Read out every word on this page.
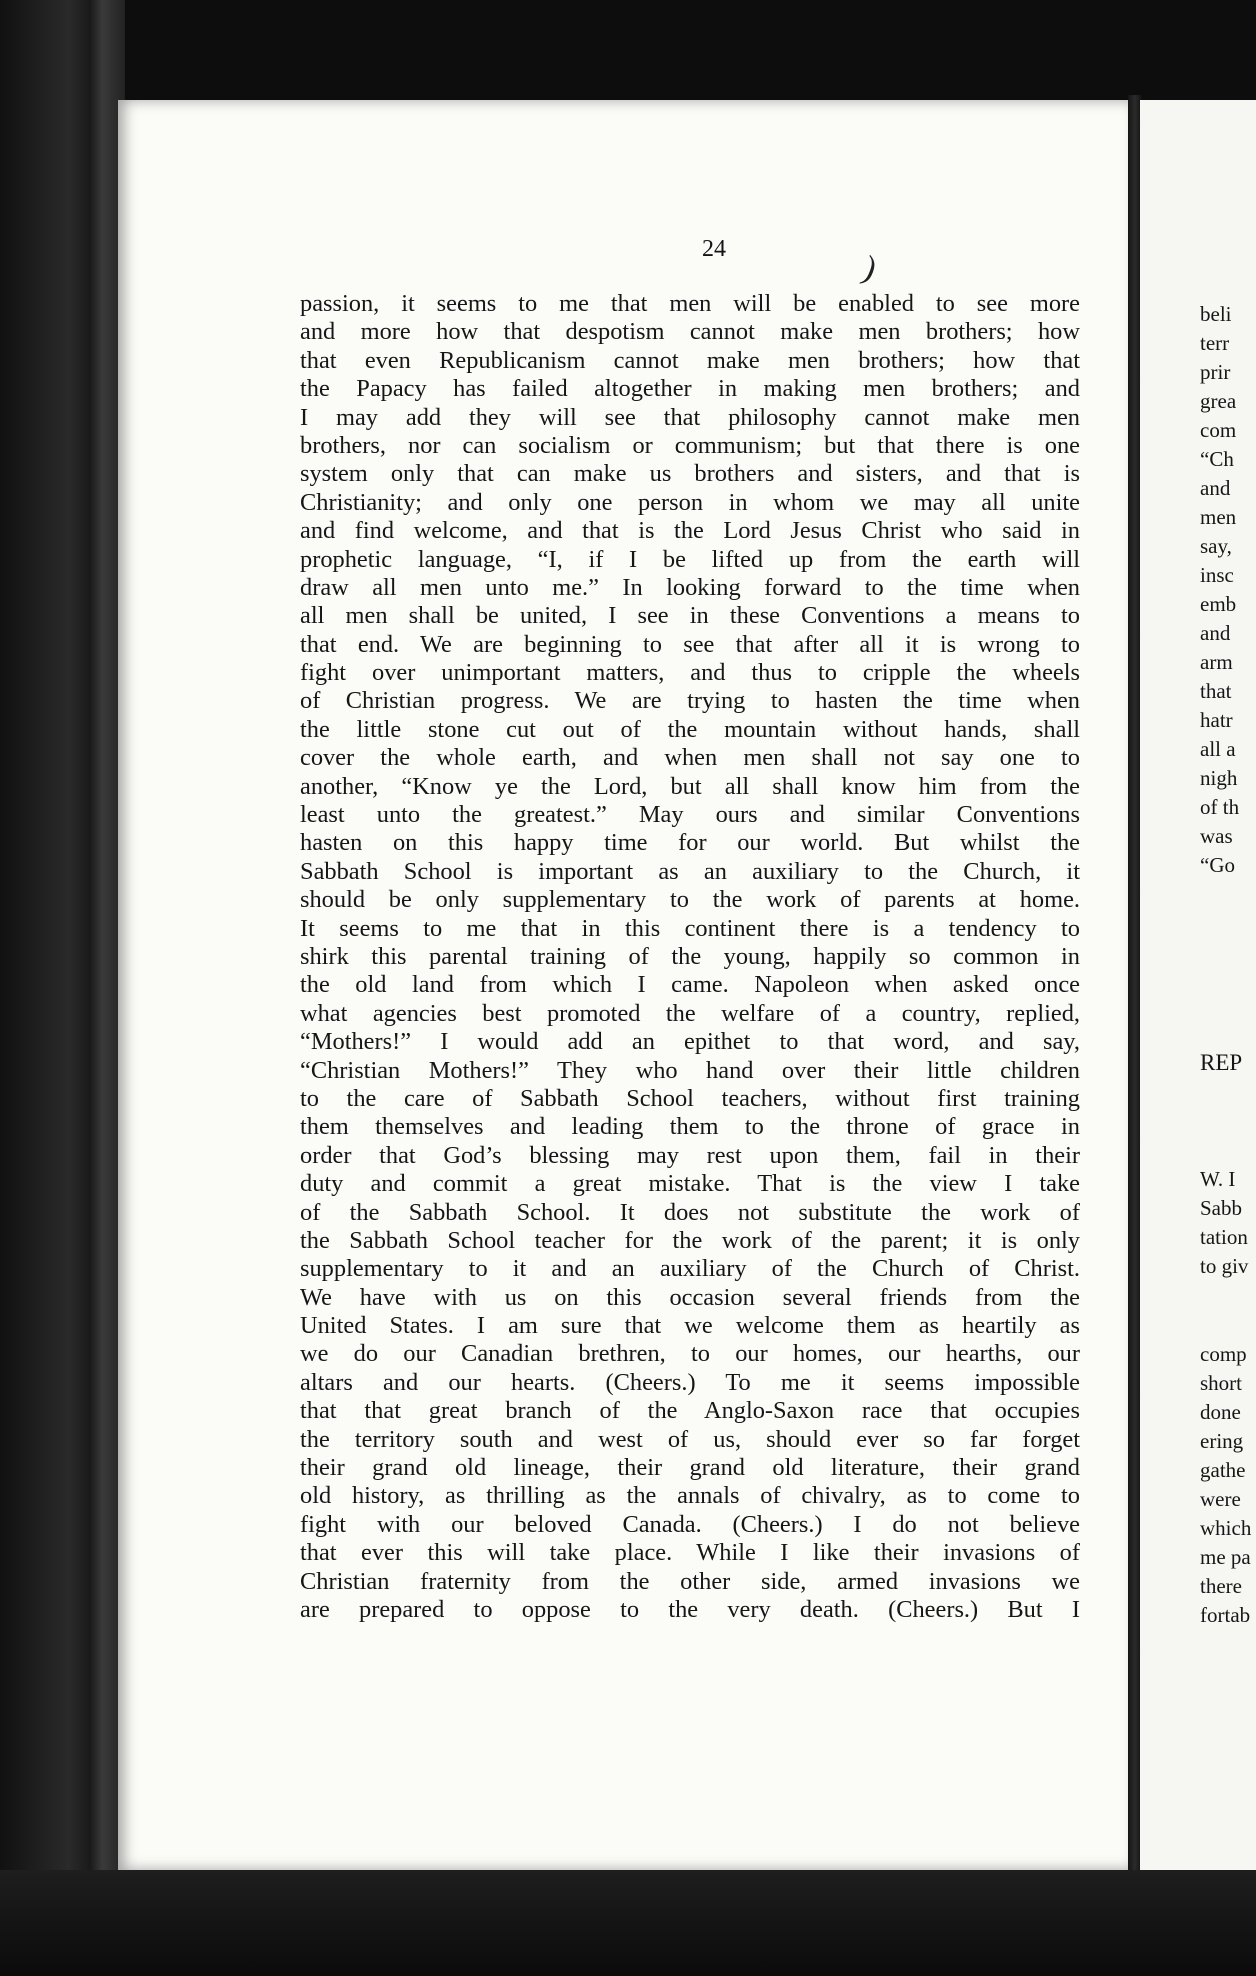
24
passion, it seems to me that men will be enabled to see more
and more how that despotism cannot make men brothers; how
that even Republicanism cannot make men brothers; how that
the Papacy has failed altogether in making men brothers; and
I may add they will see that philosophy cannot make men
brothers, nor can socialism or communism; but that there is one
system only that can make us brothers and sisters, and that is
Christianity; and only one person in whom we may all unite
and find welcome, and that is the Lord Jesus Christ who said in
prophetic language, “I, if I be lifted up from the earth will
draw all men unto me.” In looking forward to the time when
all men shall be united, I see in these Conventions a means to
that end. We are beginning to see that after all it is wrong to
fight over unimportant matters, and thus to cripple the wheels
of Christian progress. We are trying to hasten the time when
the little stone cut out of the mountain without hands, shall
cover the whole earth, and when men shall not say one to
another, “Know ye the Lord, but all shall know him from the
least unto the greatest.” May ours and similar Conventions
hasten on this happy time for our world. But whilst the
Sabbath School is important as an auxiliary to the Church, it
should be only supplementary to the work of parents at home.
It seems to me that in this continent there is a tendency to
shirk this parental training of the young, happily so common in
the old land from which I came. Napoleon when asked once
what agencies best promoted the welfare of a country, replied,
“Mothers!” I would add an epithet to that word, and say,
“Christian Mothers!” They who hand over their little children
to the care of Sabbath School teachers, without first training
them themselves and leading them to the throne of grace in
order that God’s blessing may rest upon them, fail in their
duty and commit a great mistake. That is the view I take
of the Sabbath School. It does not substitute the work of
the Sabbath School teacher for the work of the parent; it is only
supplementary to it and an auxiliary of the Church of Christ.
We have with us on this occasion several friends from the
United States. I am sure that we welcome them as heartily as
we do our Canadian brethren, to our homes, our hearths, our
altars and our hearts. (Cheers.) To me it seems impossible
that that great branch of the Anglo-Saxon race that occupies
the territory south and west of us, should ever so far forget
their grand old lineage, their grand old literature, their grand
old history, as thrilling as the annals of chivalry, as to come to
fight with our beloved Canada. (Cheers.) I do not believe
that ever this will take place. While I like their invasions of
Christian fraternity from the other side, armed invasions we
are prepared to oppose to the very death. (Cheers.) But I
beli
terr
prir
grea
com
“Ch
and
men
say,
insc
emb
and
arm
that
hatr
all a
nigh
of th
was
“Go
REP
W. I
Sabb
tation
to giv
comp
short
done
ering
gathe
were
which
me pa
there
fortab
)
